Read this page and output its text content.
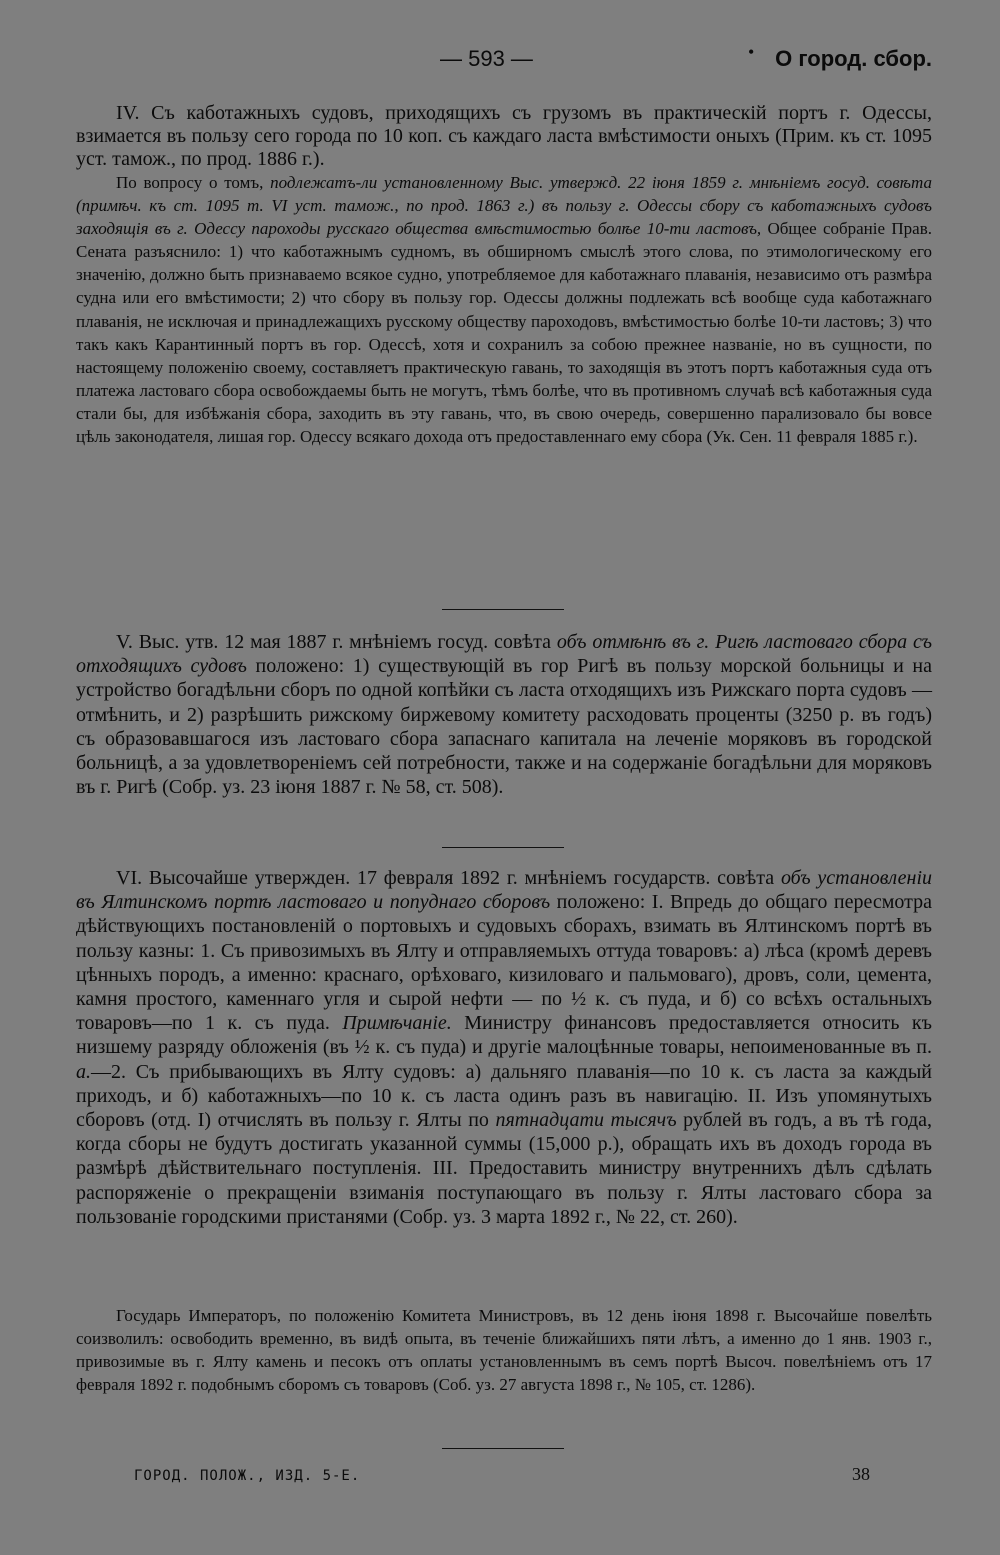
— 593 —	• О город. сбор.

IV. Съ каботажныхъ судовъ, приходящихъ съ грузомъ въ практическій портъ г. Одессы, взимается въ пользу сего города по 10 коп. съ каждаго ласта вмѣстимости оныхъ (Прим. къ ст. 1095 уст. тамож., по прод. 1886 г.).

По вопросу о томъ, подлежатъ-ли установленному Выс. утвержд. 22 іюня 1859 г. мнѣніемъ госуд. совѣта (примѣч. къ ст. 1095 т. VI уст. тамож., по прод. 1863 г.) въ пользу г. Одессы сбору съ каботажныхъ судовъ заходящія въ г. Одессу пароходы русскаго общества вмѣстимостью болѣе 10-ти ластовъ, Общее собраніе Прав. Сената разъяснило: 1) что каботажнымъ судномъ, въ обширномъ смыслѣ этого слова, по этимологическому его значенію, должно быть признаваемо всякое судно, употребляемое для каботажнаго плаванія, независимо отъ размѣра судна или его вмѣстимости; 2) что сбору въ пользу гор. Одессы должны подлежать всѣ вообще суда каботажнаго плаванія, не исключая и принадлежащихъ русскому обществу пароходовъ, вмѣстимостью болѣе 10-ти ластовъ; 3) что такъ какъ Карантинный портъ въ гор. Одессѣ, хотя и сохранилъ за собою прежнее названіе, но въ сущности, по настоящему положенію своему, составляетъ практическую гавань, то заходящія въ этотъ портъ каботажныя суда отъ платежа ластоваго сбора освобождаемы быть не могутъ, тѣмъ болѣе, что въ противномъ случаѣ всѣ каботажныя суда стали бы, для избѣжанія сбора, заходить въ эту гавань, что, въ свою очередь, совершенно парализовало бы вовсе цѣль законодателя, лишая гор. Одессу всякаго дохода отъ предоставленнаго ему сбора (Ук. Сен. 11 февраля 1885 г.).

V. Выс. утв. 12 мая 1887 г. мнѣніемъ госуд. совѣта объ отмѣнѣ въ г. Ригѣ ластоваго сбора съ отходящихъ судовъ положено: 1) существующій въ гор Ригѣ въ пользу морской больницы и на устройство богадѣльни сборъ по одной копѣйки съ ласта отходящихъ изъ Рижскаго порта судовъ — отмѣнить, и 2) разрѣшить рижскому биржевому комитету расходовать проценты (3250 р. въ годъ) съ образовавшагося изъ ластоваго сбора запаснаго капитала на леченіе моряковъ въ городской больницѣ, а за удовлетвореніемъ сей потребности, также и на содержаніе богадѣльни для моряковъ въ г. Ригѣ (Собр. уз. 23 іюня 1887 г. № 58, ст. 508).

VI. Высочайше утвержден. 17 февраля 1892 г. мнѣніемъ государств. совѣта объ установленіи въ Ялтинскомъ портѣ ластоваго и попуднаго сборовъ положено: I. Впредь до общаго пересмотра дѣйствующихъ постановленій о портовыхъ и судовыхъ сборахъ, взимать въ Ялтинскомъ портѣ въ пользу казны: 1. Съ привозимыхъ въ Ялту и отправляемыхъ оттуда товаровъ: а) лѣса (кромѣ деревъ цѣнныхъ породъ, а именно: краснаго, орѣховаго, кизиловаго и пальмоваго), дровъ, соли, цемента, камня простого, каменнаго угля и сырой нефти — по ½ к. съ пуда, и б) со всѣхъ остальныхъ товаровъ—по 1 к. съ пуда. Примѣчаніе. Министру финансовъ предоставляется относить къ низшему разряду обложенія (въ ½ к. съ пуда) и другіе малоцѣнные товары, непоименованные въ п. а.—2. Съ прибывающихъ въ Ялту судовъ: а) дальняго плаванія—по 10 к. съ ласта за каждый приходъ, и б) каботажныхъ—по 10 к. съ ласта одинъ разъ въ навигацію. II. Изъ упомянутыхъ сборовъ (отд. I) отчислять въ пользу г. Ялты по пятнадцати тысячъ рублей въ годъ, а въ тѣ года, когда сборы не будутъ достигать указанной суммы (15,000 р.), обращать ихъ въ доходъ города въ размѣрѣ дѣйствительнаго поступленія. III. Предоставить министру внутреннихъ дѣлъ сдѣлать распоряженіе о прекращеніи взиманія поступающаго въ пользу г. Ялты ластоваго сбора за пользованіе городскими пристанями (Собр. уз. 3 марта 1892 г., № 22, ст. 260).

Государь Императоръ, по положенію Комитета Министровъ, въ 12 день іюня 1898 г. Высочайше повелѣть соизволилъ: освободить временно, въ видѣ опыта, въ теченіе ближайшихъ пяти лѣтъ, а именно до 1 янв. 1903 г., привозимые въ г. Ялту камень и песокъ отъ оплаты установленнымъ въ семъ портѣ Высоч. повелѣніемъ отъ 17 февраля 1892 г. подобнымъ сборомъ съ товаровъ (Соб. уз. 27 августа 1898 г., № 105, ст. 1286).

ГОРОД. ПОЛОЖ., ИЗД. 5-Е.	38
